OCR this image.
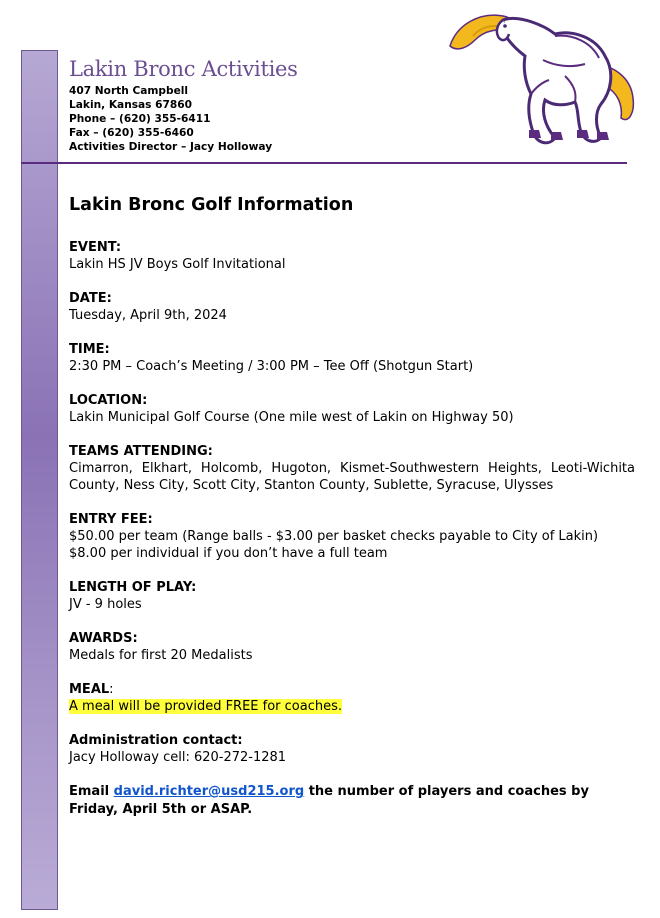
Lakin Bronc Activities
407 North Campbell
Lakin, Kansas 67860
Phone – (620) 355-6411
Fax – (620) 355-6460
Activities Director – Jacy Holloway
Lakin Bronc Golf Information
EVENT:
Lakin HS JV Boys Golf Invitational
DATE:
Tuesday, April 9th, 2024
TIME:
2:30 PM – Coach’s Meeting / 3:00 PM – Tee Off (Shotgun Start)
LOCATION:
Lakin Municipal Golf Course (One mile west of Lakin on Highway 50)
TEAMS ATTENDING:
Cimarron, Elkhart, Holcomb, Hugoton, Kismet-Southwestern Heights, Leoti-Wichita County, Ness City, Scott City, Stanton County, Sublette, Syracuse, Ulysses
ENTRY FEE:
$50.00 per team (Range balls - $3.00 per basket checks payable to City of Lakin)
$8.00 per individual if you don’t have a full team
LENGTH OF PLAY:
JV - 9 holes
AWARDS:
Medals for first 20 Medalists
MEAL:
A meal will be provided FREE for coaches.
Administration contact:
Jacy Holloway cell: 620-272-1281
Email david.richter@usd215.org the number of players and coaches by Friday, April 5th or ASAP.
